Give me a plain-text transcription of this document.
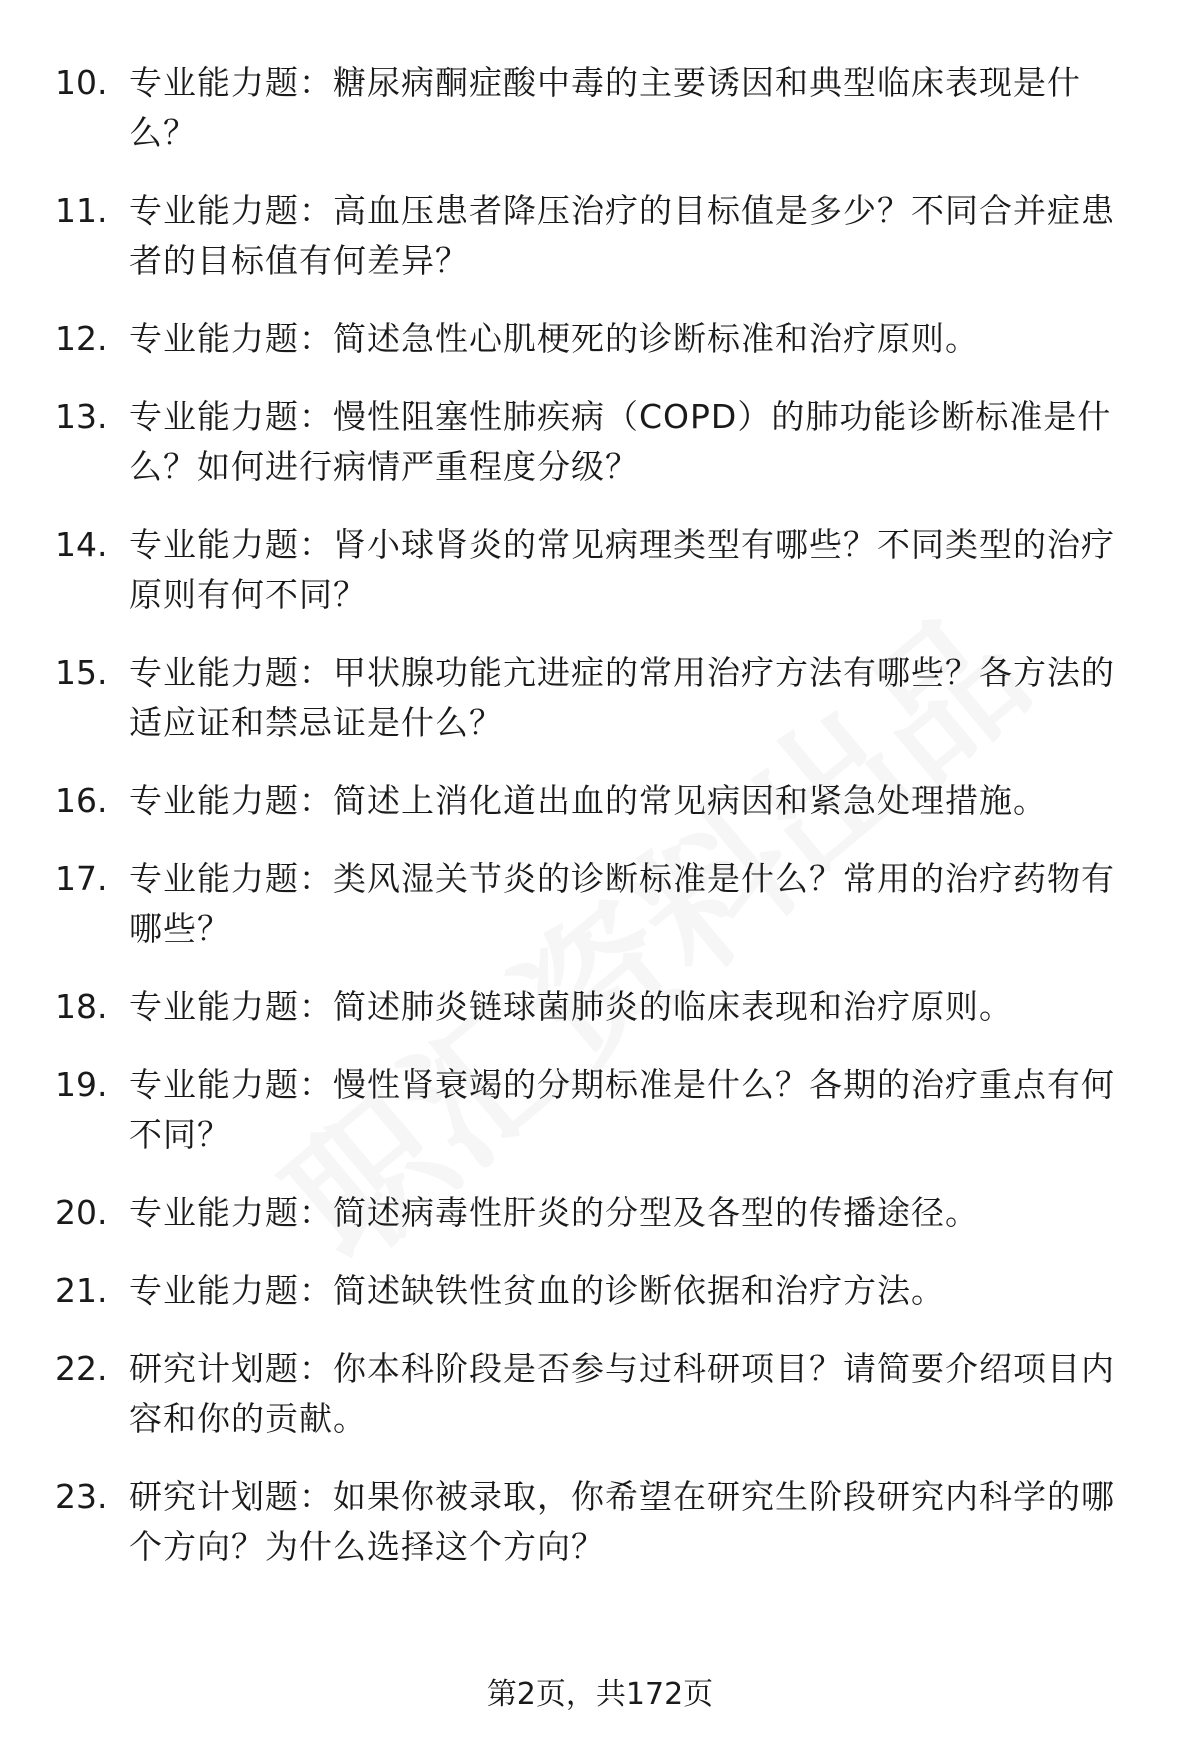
10. 专业能力题：糖尿病酮症酸中毒的主要诱因和典型临床表现是什么？
11. 专业能力题：高血压患者降压治疗的目标值是多少？不同合并症患者的目标值有何差异？
12. 专业能力题：简述急性心肌梗死的诊断标准和治疗原则。
13. 专业能力题：慢性阻塞性肺疾病（COPD）的肺功能诊断标准是什么？如何进行病情严重程度分级？
14. 专业能力题：肾小球肾炎的常见病理类型有哪些？不同类型的治疗原则有何不同？
15. 专业能力题：甲状腺功能亢进症的常用治疗方法有哪些？各方法的适应证和禁忌证是什么？
16. 专业能力题：简述上消化道出血的常见病因和紧急处理措施。
17. 专业能力题：类风湿关节炎的诊断标准是什么？常用的治疗药物有哪些？
18. 专业能力题：简述肺炎链球菌肺炎的临床表现和治疗原则。
19. 专业能力题：慢性肾衰竭的分期标准是什么？各期的治疗重点有何不同？
20. 专业能力题：简述病毒性肝炎的分型及各型的传播途径。
21. 专业能力题：简述缺铁性贫血的诊断依据和治疗方法。
22. 研究计划题：你本科阶段是否参与过科研项目？请简要介绍项目内容和你的贡献。
23. 研究计划题：如果你被录取，你希望在研究生阶段研究内科学的哪个方向？为什么选择这个方向？
第2页，共172页
